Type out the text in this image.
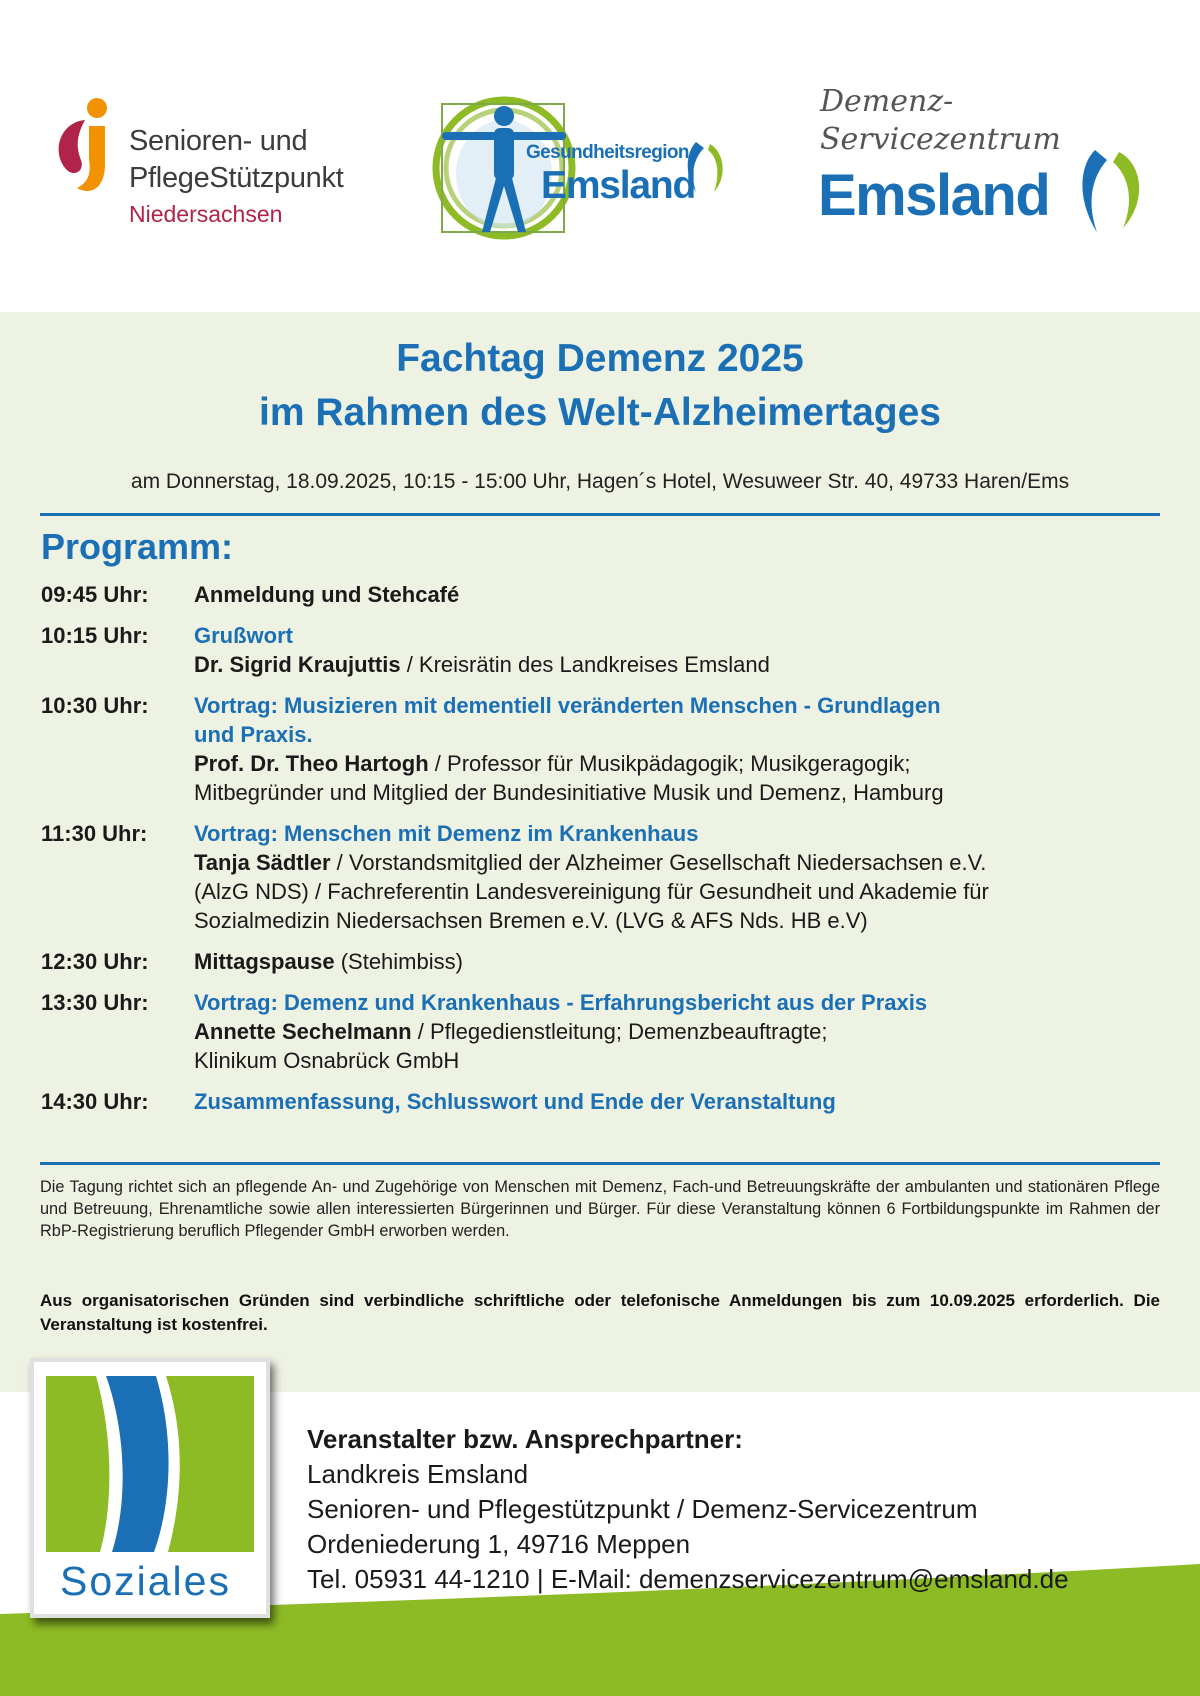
Senioren- und
PflegeStützpunkt
Niedersachsen
Gesundheitsregion
Emsland
Demenz-
Servicezentrum
Emsland
Fachtag Demenz 2025
im Rahmen des Welt-Alzheimertages
am Donnerstag, 18.09.2025, 10:15 - 15:00 Uhr, Hagen´s Hotel, Wesuweer Str. 40, 49733 Haren/Ems
Programm:
09:45 Uhr:	Anmeldung und Stehcafé
10:15 Uhr:	Grußwort
Dr. Sigrid Kraujuttis / Kreisrätin des Landkreises Emsland
10:30 Uhr:	Vortrag: Musizieren mit dementiell veränderten Menschen - Grundlagen
und Praxis.
Prof. Dr. Theo Hartogh / Professor für Musikpädagogik; Musikgeragogik;
Mitbegründer und Mitglied der Bundesinitiative Musik und Demenz, Hamburg
11:30 Uhr:	Vortrag: Menschen mit Demenz im Krankenhaus
Tanja Sädtler / Vorstandsmitglied der Alzheimer Gesellschaft Niedersachsen e.V.
(AlzG NDS) / Fachreferentin Landesvereinigung für Gesundheit und Akademie für
Sozialmedizin Niedersachsen Bremen e.V. (LVG & AFS Nds. HB e.V)
12:30 Uhr:	Mittagspause (Stehimbiss)
13:30 Uhr:	Vortrag: Demenz und Krankenhaus - Erfahrungsbericht aus der Praxis
Annette Sechelmann / Pflegedienstleitung; Demenzbeauftragte;
Klinikum Osnabrück GmbH
14:30 Uhr:	Zusammenfassung, Schlusswort und Ende der Veranstaltung
Die Tagung richtet sich an pflegende An- und Zugehörige von Menschen mit Demenz, Fach-und Betreuungskräfte der ambulanten und stationären Pflege und Betreuung, Ehrenamtliche sowie allen interessierten Bürgerinnen und Bürger. Für diese Veranstaltung können 6 Fortbildungspunkte im Rahmen der RbP-Registrierung beruflich Pflegender GmbH erworben werden.
Aus organisatorischen Gründen sind verbindliche schriftliche oder telefonische Anmeldungen bis zum 10.09.2025 erforderlich. Die Veranstaltung ist kostenfrei.
Soziales
Veranstalter bzw. Ansprechpartner:
Landkreis Emsland
Senioren- und Pflegestützpunkt / Demenz-Servicezentrum
Ordeniederung 1, 49716 Meppen
Tel. 05931 44-1210 | E-Mail: demenzservicezentrum@emsland.de
